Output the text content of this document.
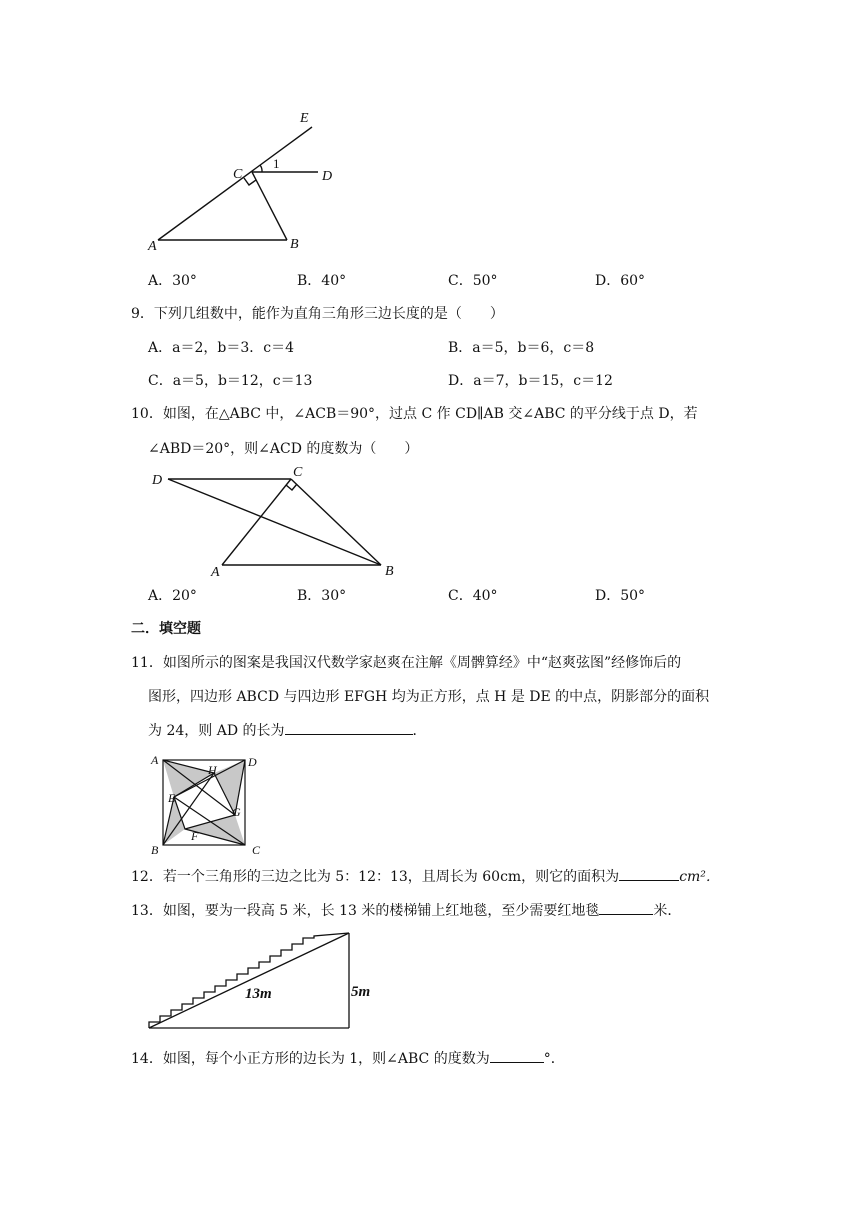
E
C
1
D
A	B
A．30°	B．40°	C．50°	D．60°
9．下列几组数中，能作为直角三角形三边长度的是（　　）
A．a＝2，b＝3．c＝4	B．a＝5，b＝6，c＝8
C．a＝5，b＝12，c＝13	D．a＝7，b＝15，c＝12
10．如图，在△ABC 中，∠ACB＝90°，过点 C 作 CD∥AB 交∠ABC 的平分线于点 D，若
∠ABD＝20°，则∠ACD 的度数为（　　）
D
C
A	B
A．20°	B．30°	C．40°	D．50°
二．填空题
11．如图所示的图案是我国汉代数学家赵爽在注解《周髀算经》中“赵爽弦图”经修饰后的
图形，四边形 ABCD 与四边形 EFGH 均为正方形，点 H 是 DE 的中点，阴影部分的面积
为 24，则 AD 的长为	．
A	D
H
E
G
F
B	C
12．若一个三角形的三边之比为 5：12：13，且周长为 60cm，则它的面积为	cm²．
13．如图，要为一段高 5 米，长 13 米的楼梯铺上红地毯，至少需要红地毯	米．
13m	5m
14．如图，每个小正方形的边长为 1，则∠ABC 的度数为	°．
